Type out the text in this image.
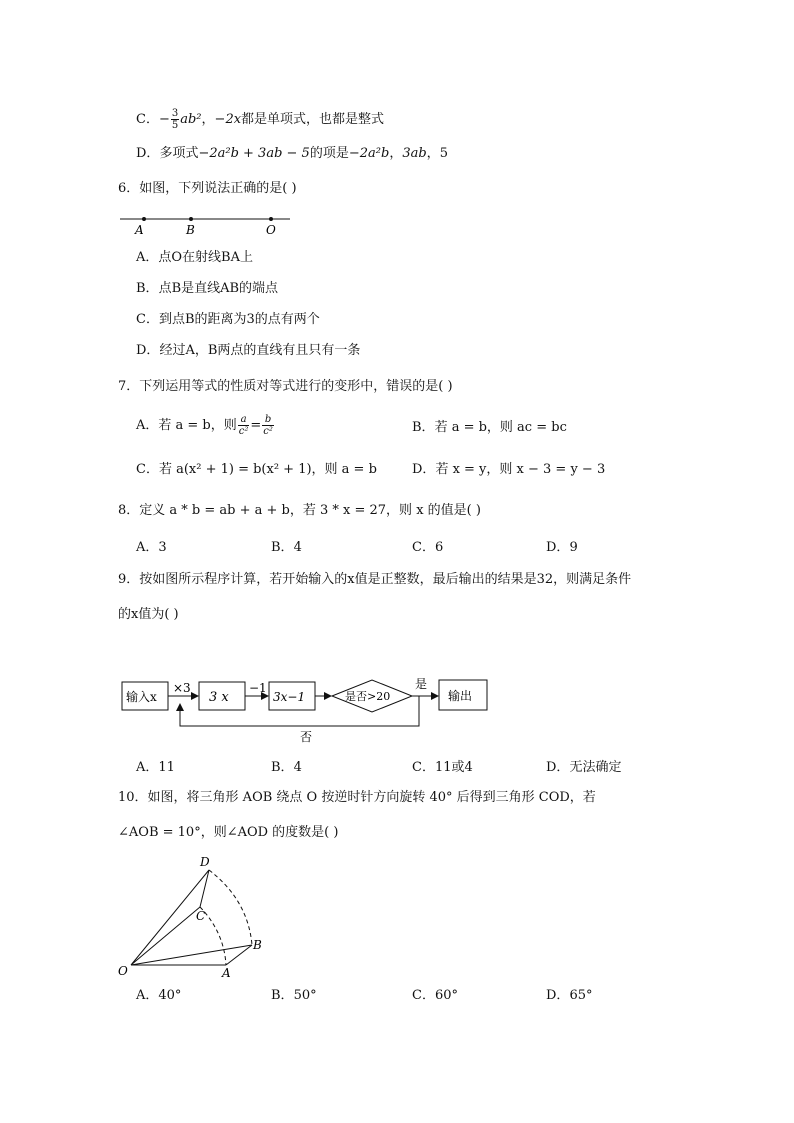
C．− $\frac{3}{5} ab^2$，−2x都是单项式，也都是整式
D．多项式−2a²b + 3ab − 5的项是−2a²b，3ab，5
6．如图，下列说法正确的是( )
A	B	O
A．点O在射线BA上
B．点B是直线AB的端点
C．到点B的距离为3的点有两个
D．经过A，B两点的直线有且只有一条
7．下列运用等式的性质对等式进行的变形中，错误的是( )
A．若 a = b，则 $\frac{a}{\text{c²}} = \frac{b}{\text{c²}}$	B．若 a = b，则 ac = bc
C．若 a(x² + 1) = b(x² + 1)，则 a = b	D．若 x = y，则 x − 3 = y − 3
8．定义 a * b = ab + a + b，若 3 * x = 27，则 x 的值是( )
A．3	B．4	C．6	D．9
9．按如图所示程序计算，若开始输入的x值是正整数，最后输出的结果是32，则满足条件
的x值为( )
输入x
×3
3 x
−1
3x−1	是否>20
是
输出
否
A．11	B．4	C．11或4	D．无法确定
10．如图，将三角形 AOB 绕点 O 按逆时针方向旋转 40° 后得到三角形 COD，若
∠AOB = 10°，则∠AOD 的度数是( )
D
C
B
O	A
A．40°	B．50°	C．60°	D．65°
